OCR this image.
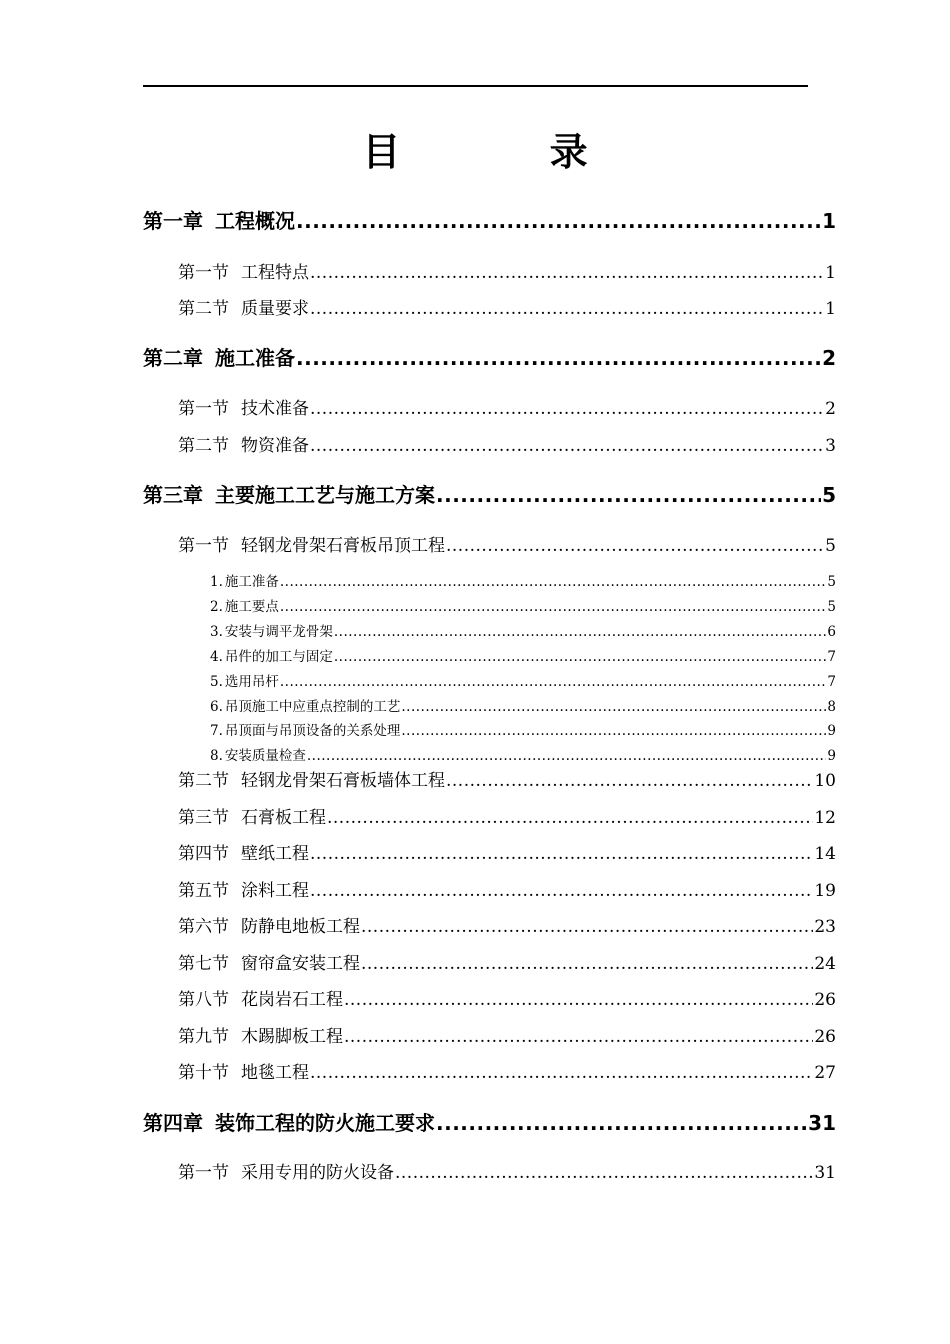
目 录
第一章 工程概况 .....	1
第一节 工程特点 .....	1
第二节 质量要求 .....	1
第二章 施工准备 .....	2
第一节 技术准备 .....	2
第二节 物资准备 .....	3
第三章 主要施工工艺与施工方案 .....	5
第一节 轻钢龙骨架石膏板吊顶工程 .....	5
1. 施工准备 .....	5
2. 施工要点 .....	5
3. 安装与调平龙骨架 .....	6
4. 吊件的加工与固定 .....	7
5. 选用吊杆 .....	7
6. 吊顶施工中应重点控制的工艺 .....	8
7. 吊顶面与吊顶设备的关系处理 .....	9
8. 安装质量检查 .....	9
第二节 轻钢龙骨架石膏板墙体工程 .....	10
第三节 石膏板工程 .....	12
第四节 壁纸工程 .....	14
第五节 涂料工程 .....	19
第六节 防静电地板工程 .....	23
第七节 窗帘盒安装工程 .....	24
第八节 花岗岩石工程 .....	26
第九节 木踢脚板工程 .....	26
第十节 地毯工程 .....	27
第四章 装饰工程的防火施工要求 .....	31
第一节 采用专用的防火设备 .....	31
